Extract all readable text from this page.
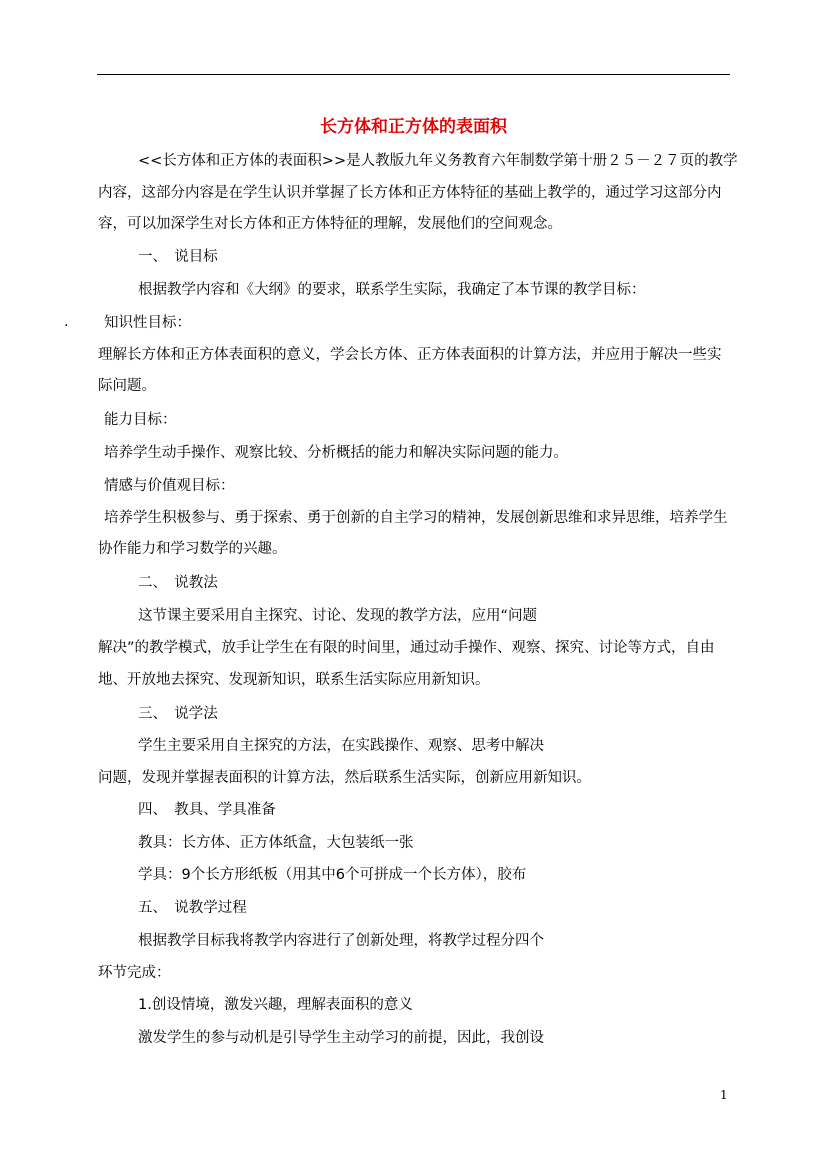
长方体和正方体的表面积
.
<<长方体和正方体的表面积>>是人教版九年义务教育六年制数学第十册２５－２７页的教学
内容，这部分内容是在学生认识并掌握了长方体和正方体特征的基础上教学的，通过学习这部分内
容，可以加深学生对长方体和正方体特征的理解，发展他们的空间观念。
一、　说目标
根据教学内容和《大纲》的要求，联系学生实际，我确定了本节课的教学目标：
知识性目标：
理解长方体和正方体表面积的意义，学会长方体、正方体表面积的计算方法，并应用于解决一些实
际问题。
能力目标：
培养学生动手操作、观察比较、分析概括的能力和解决实际问题的能力。
情感与价值观目标：
培养学生积极参与、勇于探索、勇于创新的自主学习的精神，发展创新思维和求异思维，培养学生
协作能力和学习数学的兴趣。
二、　说教法
这节课主要采用自主探究、讨论、发现的教学方法，应用“问题
解决”的教学模式，放手让学生在有限的时间里，通过动手操作、观察、探究、讨论等方式，自由
地、开放地去探究、发现新知识，联系生活实际应用新知识。
三、　说学法
学生主要采用自主探究的方法，在实践操作、观察、思考中解决
问题，发现并掌握表面积的计算方法，然后联系生活实际，创新应用新知识。
四、　教具、学具准备
教具：长方体、正方体纸盒，大包装纸一张
学具：9个长方形纸板（用其中6个可拼成一个长方体），胶布
五、　说教学过程
根据教学目标我将教学内容进行了创新处理，将教学过程分四个
环节完成：
1.创设情境，激发兴趣，理解表面积的意义
激发学生的参与动机是引导学生主动学习的前提，因此，我创设
1
